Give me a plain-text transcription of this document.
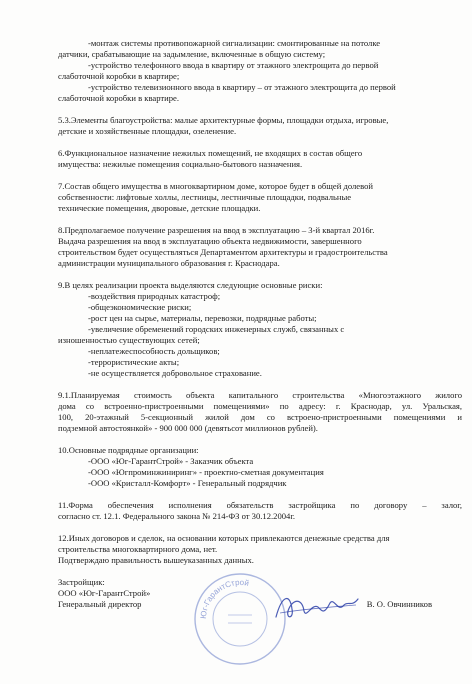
-монтаж системы противопожарной сигнализации: смонтированные на потолке
датчики, срабатывающие на задымление, включенные в общую систему;
-устройство телефонного ввода в квартиру от этажного электрощита до первой
слаботочной коробки в квартире;
-устройство телевизионного ввода в квартиру – от этажного электрощита до первой
слаботочной коробки в квартире.
5.3.Элементы благоустройства: малые архитектурные формы, площадки отдыха, игровые,
детские и хозяйственные площадки, озеленение.
6.Функциональное назначение нежилых помещений, не входящих в состав общего
имущества: нежилые помещения социально-бытового назначения.
7.Состав общего имущества в многоквартирном доме, которое будет в общей долевой
собственности: лифтовые холлы, лестницы, лестничные площадки, подвальные
технические помещения, дворовые, детские площадки.
8.Предполагаемое получение разрешения на ввод в эксплуатацию – 3-й квартал 2016г.
Выдача разрешения на ввод в эксплуатацию объекта недвижимости, завершенного
строительством будет осуществляться Департаментом архитектуры и градостроительства
администрации муниципального образования г. Краснодара.
9.В целях реализации проекта выделяются следующие основные риски:
-воздействия природных катастроф;
-общеэкономические риски;
-рост цен на сырье, материалы, перевозки, подрядные работы;
-увеличение обременений городских инженерных служб, связанных с
изношенностью существующих сетей;
-неплатежеспособность дольщиков;
-террористические акты;
-не осуществляется добровольное страхование.
9.1.Планируемая стоимость объекта капитального строительства «Многоэтажного жилого
дома со встроенно-пристроенными помещениями» по адресу: г. Краснодар, ул. Уральская,
100, 20-этажный 5-секционный жилой дом со встроено-пристроенными помещениями и
подземной автостоянкой» - 900 000 000 (девятьсот миллионов рублей).
10.Основные подрядные организации:
-ООО «Юг-ГарантСтрой» - Заказчик объекта
-ООО «Югпроминжиниринг» - проектно-сметная документация
-ООО «Кристалл-Комфорт» - Генеральный подрядчик
11.Форма обеспечения исполнения обязательств застройщика по договору – залог,
согласно ст. 12.1. Федерального закона № 214-ФЗ от 30.12.2004г.
12.Иных договоров и сделок, на основании которых привлекаются денежные средства для
строительства многоквартирного дома, нет.
Подтверждаю правильность вышеуказанных данных.
Застройщик:
ООО «Юг-ГарантСтрой»
Генеральный директор	В. О. Овчинников
Юг-ГарантСтрой
